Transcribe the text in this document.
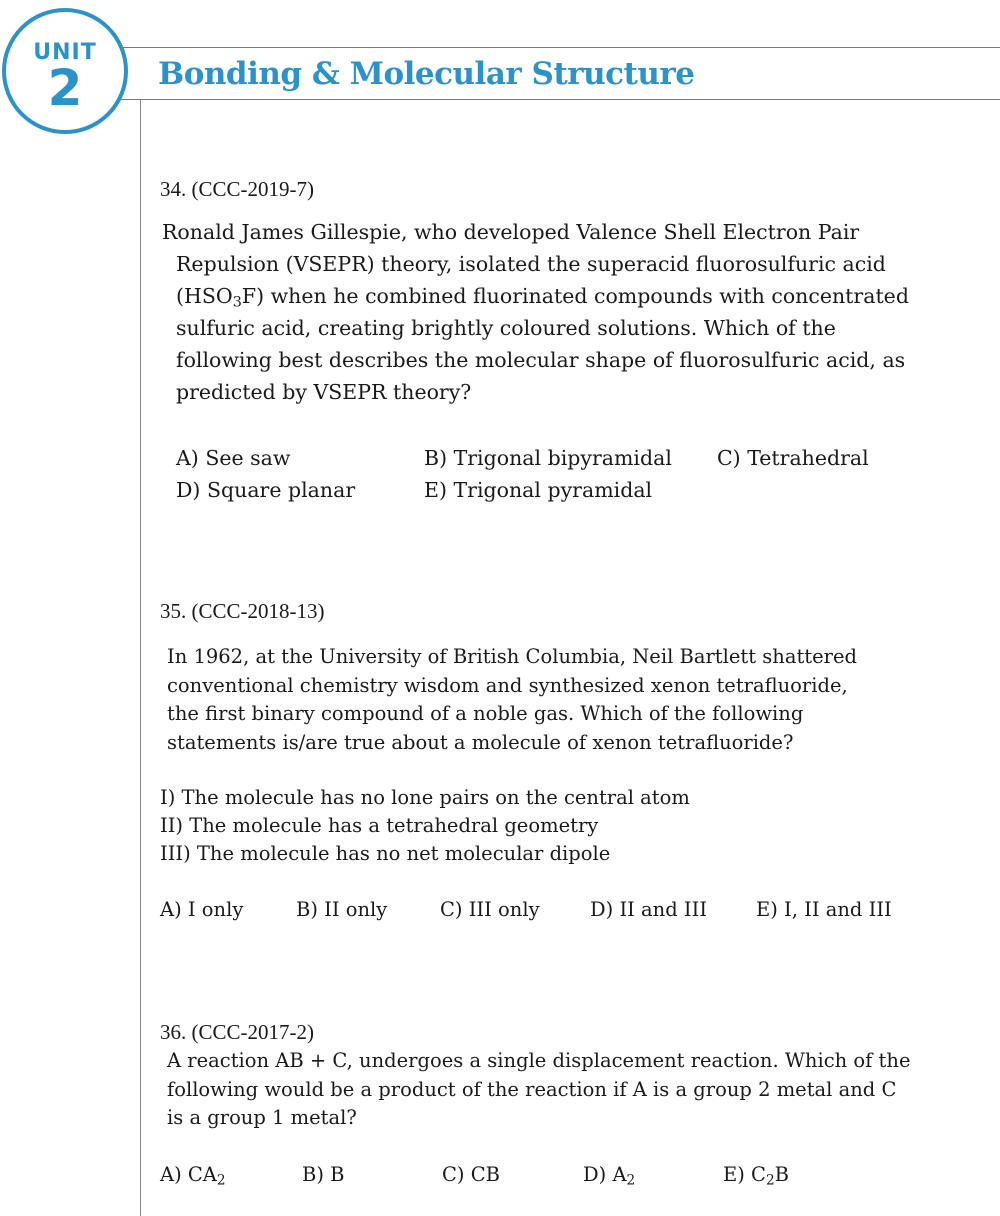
UNIT
2	Bonding & Molecular Structure
34. (CCC-2019-7)

Ronald James Gillespie, who developed Valence Shell Electron Pair

Repulsion (VSEPR) theory, isolated the superacid fluorosulfuric acid

$(HSO_3F)$ when he combined fluorinated compounds with concentrated

sulfuric acid, creating brightly coloured solutions. Which of the

following best describes the molecular shape of fluorosulfuric acid, as

predicted by VSEPR theory?

A) See saw	B) Trigonal bipyramidal C) Tetrahedral
D) Square planar	E) Trigonal pyramidal
35. (CCC-2018-13)

In 1962, at the University of British Columbia, Neil Bartlett shattered

conventional chemistry wisdom and synthesized xenon tetrafluoride,

the first binary compound of a noble gas. Which of the following

statements is/are true about a molecule of xenon tetrafluoride?

I) The molecule has no lone pairs on the central atom
II) The molecule has a tetrahedral geometry
III) The molecule has no net molecular dipole
A) I only	B) II only	C) III only	D) II and III	E) I, II and III
36. (CCC-2017-2)

A reaction AB + C, undergoes a single displacement reaction. Which of the

following would be a product of the reaction if A is a group 2 metal and C

is a group 1 metal?

A) $CA_2$	B) B	C) CB	D) $A_2$	E) $C_2B$
